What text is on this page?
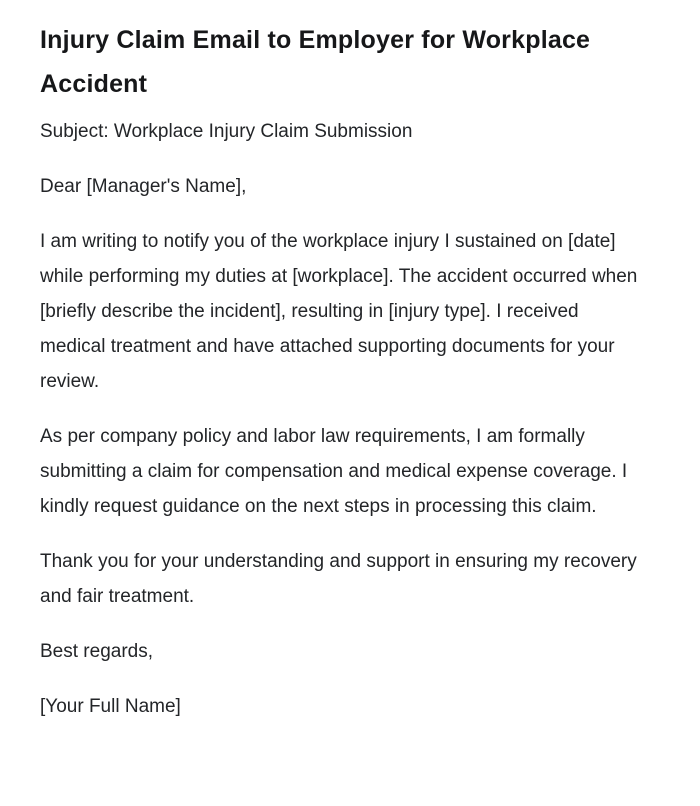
Injury Claim Email to Employer for Workplace Accident

Subject: Workplace Injury Claim Submission

Dear [Manager's Name],

I am writing to notify you of the workplace injury I sustained on [date] while performing my duties at [workplace]. The accident occurred when [briefly describe the incident], resulting in [injury type]. I received medical treatment and have attached supporting documents for your review.

As per company policy and labor law requirements, I am formally submitting a claim for compensation and medical expense coverage. I kindly request guidance on the next steps in processing this claim.

Thank you for your understanding and support in ensuring my recovery and fair treatment.

Best regards,

[Your Full Name]
